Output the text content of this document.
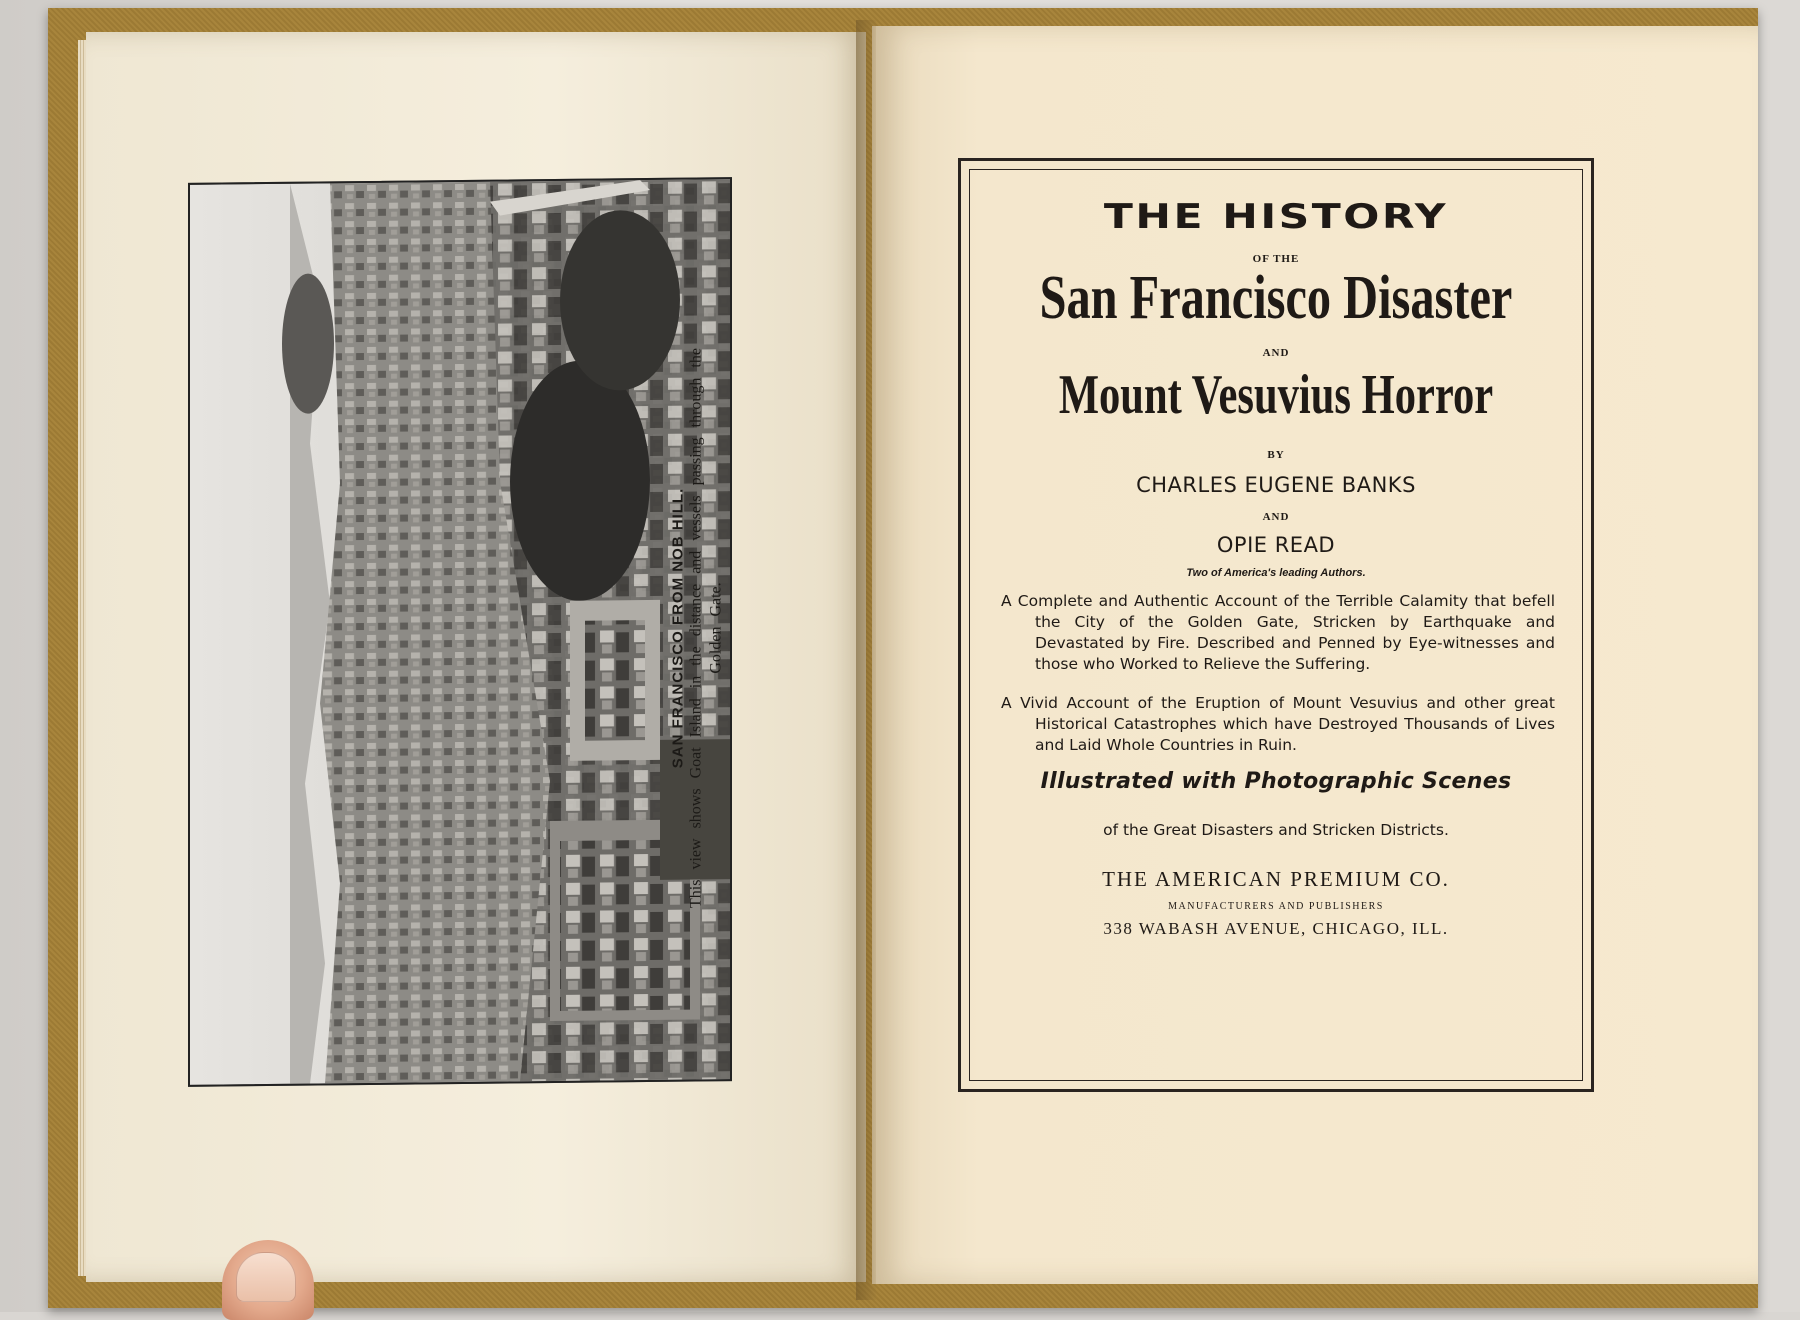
SAN FRANCISCO FROM NOB HILL. This view shows Goat Island in the distance and vessels passing through the Golden Gate.
THE HISTORY
OF THE
San Francisco Disaster
AND
Mount Vesuvius Horror
BY
CHARLES EUGENE BANKS
AND
OPIE READ
Two of America's leading Authors.
A Complete and Authentic Account of the Terrible Calamity that befell the City of the Golden Gate, Stricken by Earthquake and Devastated by Fire. Described and Penned by Eye-witnesses and those who Worked to Relieve the Suffering.
A Vivid Account of the Eruption of Mount Vesuvius and other great Historical Catastrophes which have Destroyed Thousands of Lives and Laid Whole Countries in Ruin.
Illustrated with Photographic Scenes
of the Great Disasters and Stricken Districts.
THE AMERICAN PREMIUM CO.
MANUFACTURERS AND PUBLISHERS
338 WABASH AVENUE, CHICAGO, ILL.
